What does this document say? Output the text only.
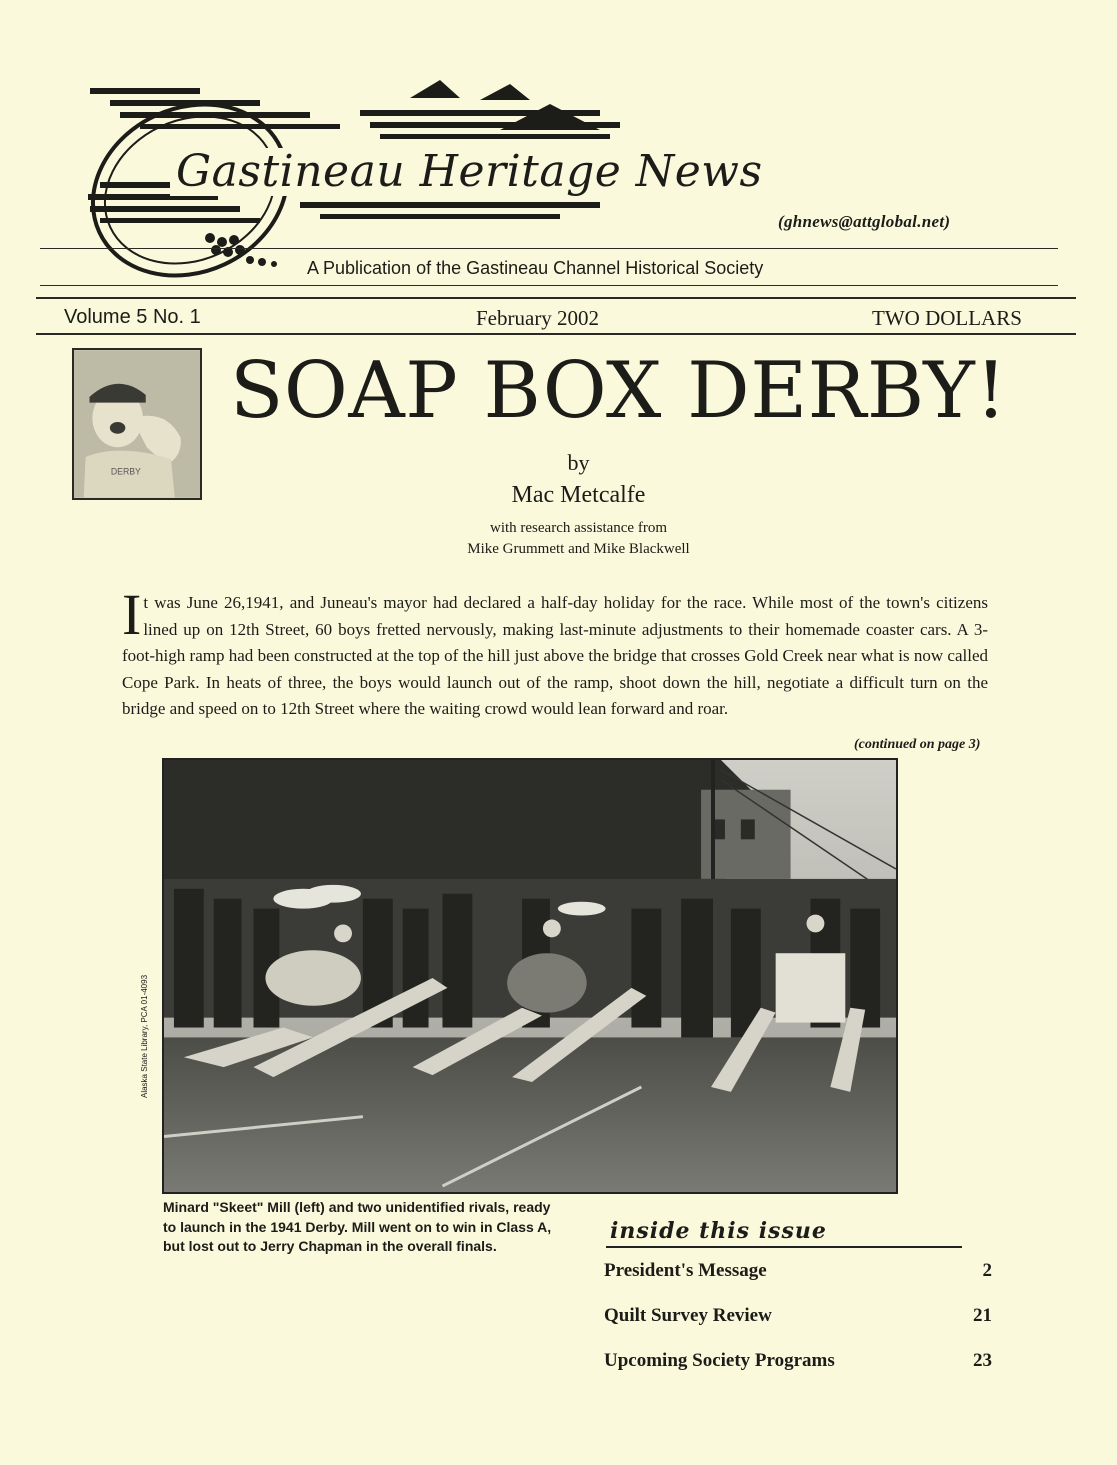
Gastineau Heritage News
(ghnews@attglobal.net)
A Publication of the Gastineau Channel Historical Society
Volume 5 No. 1	February 2002	TWO DOLLARS
DERBY
SOAP BOX DERBY!
by
Mac Metcalfe
with research assistance from
Mike Grummett and Mike Blackwell
It was June 26,1941, and Juneau's mayor had declared a half-day holiday for the race. While most of the town's citizens lined up on 12th Street, 60 boys fretted nervously, making last-minute adjustments to their homemade coaster cars. A 3-foot-high ramp had been constructed at the top of the hill just above the bridge that crosses Gold Creek near what is now called Cope Park. In heats of three, the boys would launch out of the ramp, shoot down the hill, negotiate a difficult turn on the bridge and speed on to 12th Street where the waiting crowd would lean forward and roar.
(continued on page 3)
Alaska State Library, PCA 01-4093
Minard "Skeet" Mill (left) and two unidentified rivals, ready to launch in the 1941 Derby. Mill went on to win in Class A, but lost out to Jerry Chapman in the overall finals.
inside this issue
President's Message	2
Quilt Survey Review	21
Upcoming Society Programs	23
